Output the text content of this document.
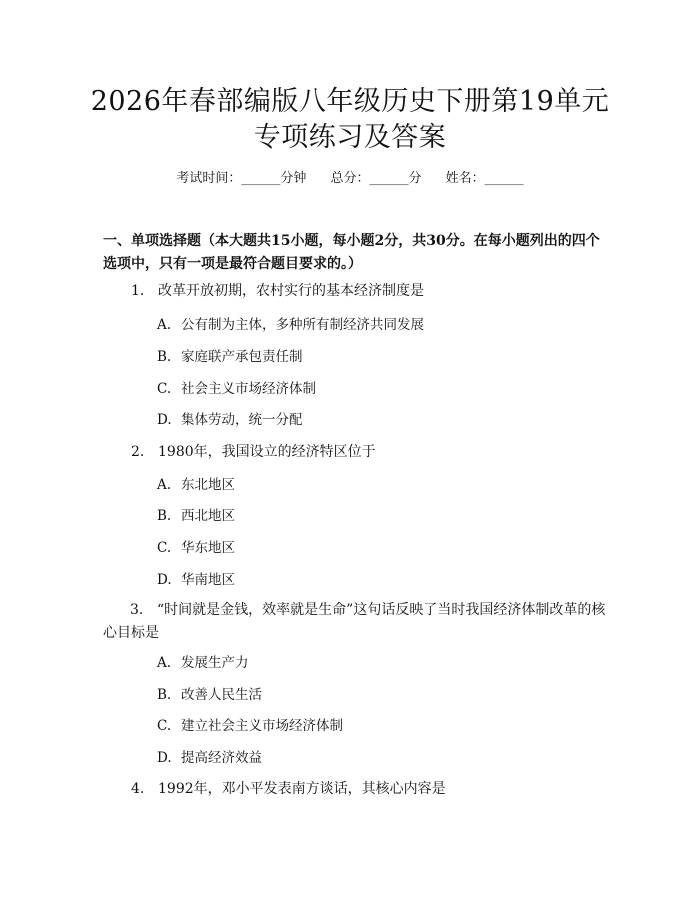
2026年春部编版八年级历史下册第19单元
专项练习及答案
考试时间：______分钟 总分：______分 姓名：______
一、单项选择题（本大题共15小题，每小题2分，共30分。在每小题列出的四个选项中，只有一项是最符合题目要求的。）
1. 改革开放初期，农村实行的基本经济制度是
A. 公有制为主体，多种所有制经济共同发展
B. 家庭联产承包责任制
C. 社会主义市场经济体制
D. 集体劳动，统一分配
2. 1980年，我国设立的经济特区位于
A. 东北地区
B. 西北地区
C. 华东地区
D. 华南地区
3. “时间就是金钱，效率就是生命”这句话反映了当时我国经济体制改革的核心目标是
A. 发展生产力
B. 改善人民生活
C. 建立社会主义市场经济体制
D. 提高经济效益
4. 1992年，邓小平发表南方谈话，其核心内容是
